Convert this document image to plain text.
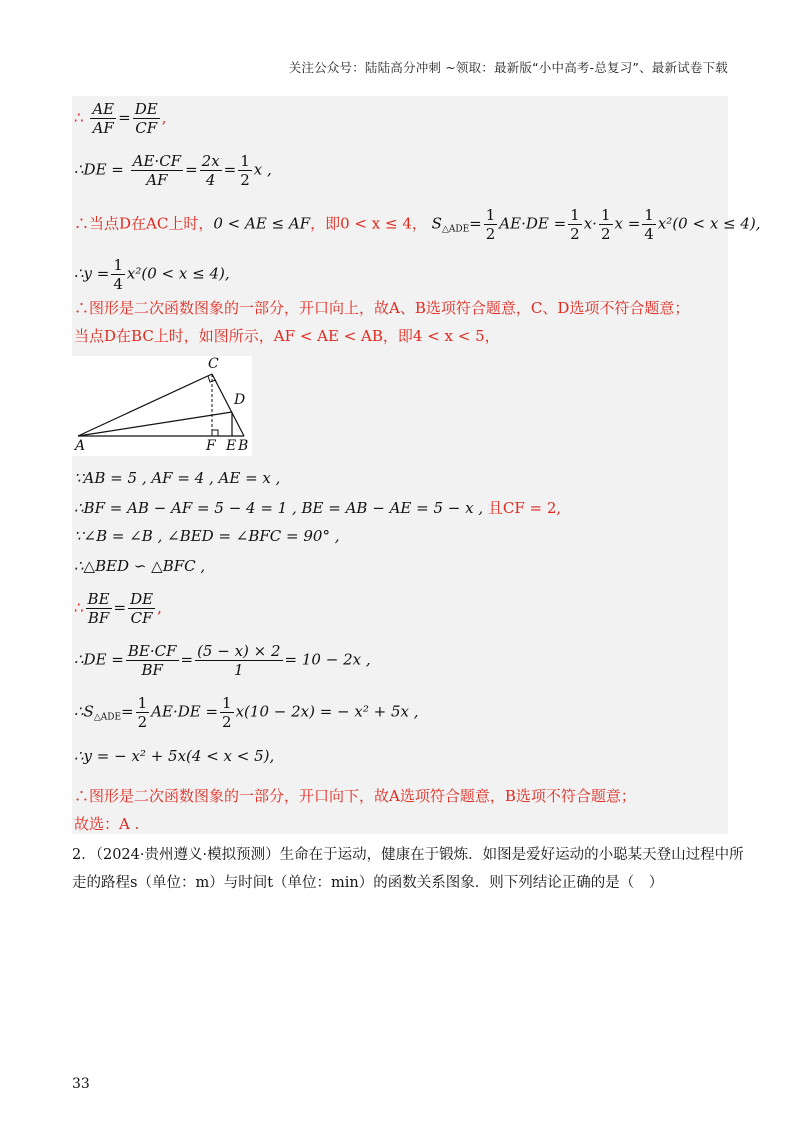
关注公众号：陆陆高分冲刺 ~领取：最新版“小中高考-总复习”、最新试卷下载
∴ $\frac{AE}{AF} = \frac{DE}{CF}$ ,
∴DE = $\frac{AE\cdot CF}{AF} = \frac{2x}{4} = \frac{1}{2}$ x ,
∴当点D在AC上时，0 < AE ≤ AF，即0 < x ≤ 4， $S_{\triangle ADE}= \frac{1}{2} AE\cdot DE = \frac{1}{2} x\cdot \frac{1}{2}$ $x = \frac{1}{4} x^2(0 < x \le 4)$,
∴y = $\frac{1}{4} x^2(0 < x \le 4)$,
∴图形是二次函数图象的一部分，开口向上，故A、B选项符合题意，C、D选项不符合题意；
当点D在BC上时，如图所示，AF < AE < AB，即4 < x < 5，
A
C
D
F E B
∵AB = 5 , AF = 4 , AE = x ,
∴BF = AB − AF = 5 − 4 = 1 , BE = AB − AE = 5 − x , 且CF = 2,
∵∠B = ∠B , ∠BED = ∠BFC = 90° ,
∴△BED ∽ △BFC ,
∴ $\frac{BE}{BF} = \frac{DE}{CF}$ ,
∴DE = $\frac{BE\cdot CF}{BF} = \frac{(5 - x) \times 2}{1} = 10 - 2x$ ,
$\therefore S_{\triangle ADE}= \frac{1}{2} AE\cdot DE = \frac{1}{2} x(10 - 2x)$ = − x² + 5x ,
∴y = − x² + 5x(4 < x < 5),
∴图形是二次函数图象的一部分，开口向下，故A选项符合题意，B选项不符合题意；
故选：A .
2．（2024·贵州遵义·模拟预测）生命在于运动，健康在于锻炼．如图是爱好运动的小聪某天登山过程中所
走的路程s（单位：m）与时间t（单位：min）的函数关系图象．则下列结论正确的是（　）
33
